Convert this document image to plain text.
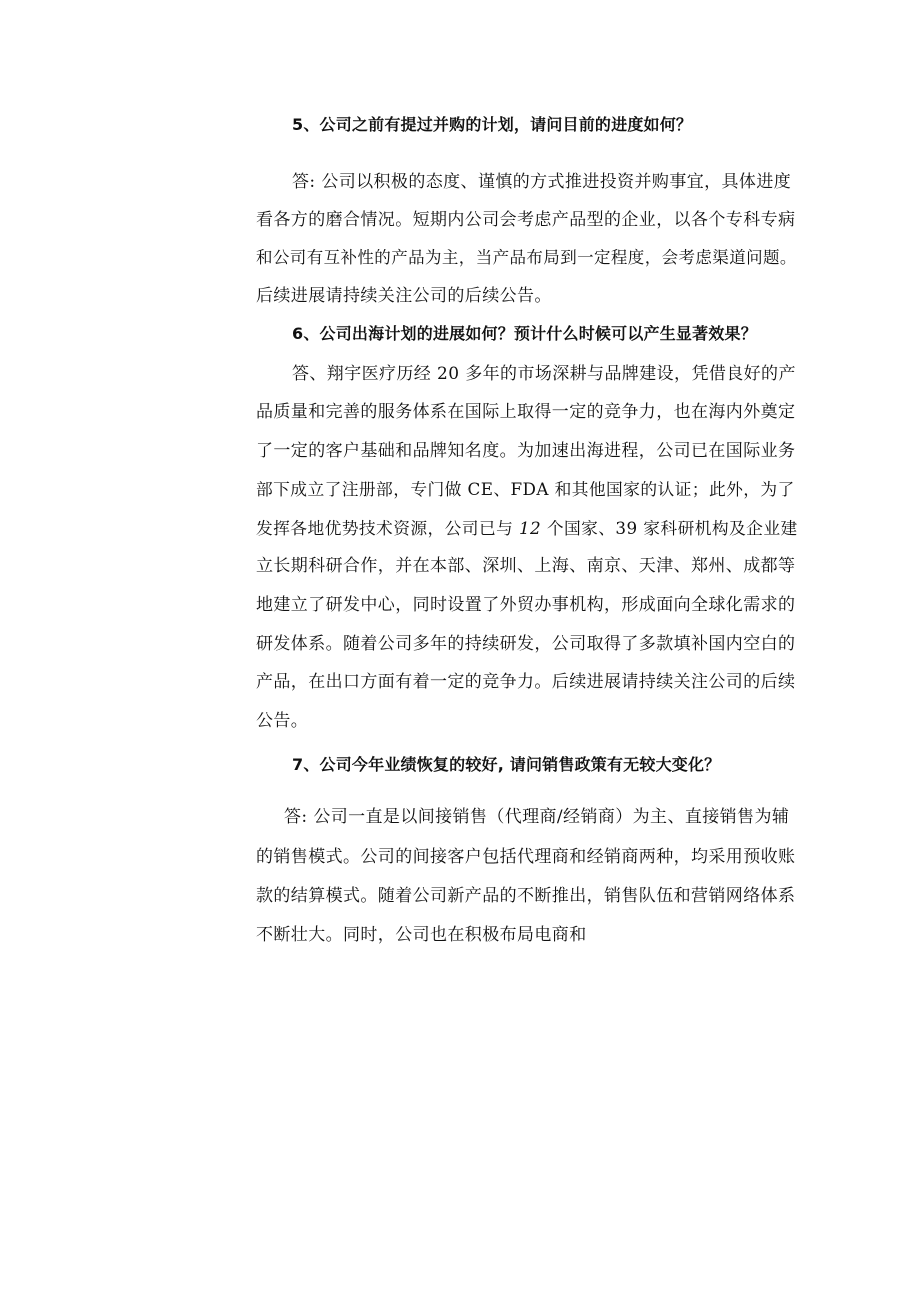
5、公司之前有提过并购的计划，请问目前的进度如何？
答: 公司以积极的态度、谨慎的方式推进投资并购事宜，具体进度
看各方的磨合情况。短期内公司会考虑产品型的企业，以各个专科专病
和公司有互补性的产品为主，当产品布局到一定程度，会考虑渠道问题。
后续进展请持续关注公司的后续公告。
6、公司出海计划的进展如何？预计什么时候可以产生显著效果？
答、翔宇医疗历经 20 多年的市场深耕与品牌建设，凭借良好的产
品质量和完善的服务体系在国际上取得一定的竞争力，也在海内外奠定
了一定的客户基础和品牌知名度。为加速出海进程，公司已在国际业务
部下成立了注册部，专门做 CE、FDA 和其他国家的认证；此外，为了
发挥各地优势技术资源，公司已与 12 个国家、39 家科研机构及企业建
立长期科研合作，并在本部、深圳、上海、南京、天津、郑州、成都等
地建立了研发中心，同时设置了外贸办事机构，形成面向全球化需求的
研发体系。随着公司多年的持续研发，公司取得了多款填补国内空白的
产品，在出口方面有着一定的竞争力。后续进展请持续关注公司的后续
公告。
7、公司今年业绩恢复的较好, 请问销售政策有无较大变化？
答: 公司一直是以间接销售（代理商/经销商）为主、直接销售为辅
的销售模式。公司的间接客户包括代理商和经销商两种，均采用预收账
款的结算模式。随着公司新产品的不断推出，销售队伍和营销网络体系
不断壮大。同时，公司也在积极布局电商和
